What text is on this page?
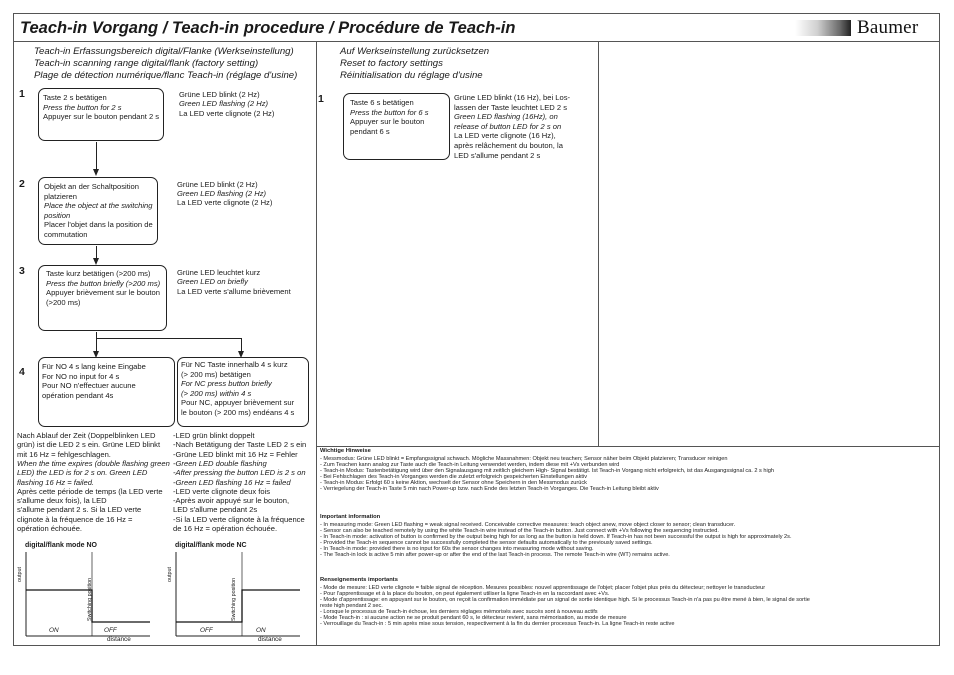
Teach-in Vorgang / Teach-in procedure / Procédure de Teach-in	Baumer
Teach-in Erfassungsbereich digital/Flanke (Werkseinstellung)
Teach-in scanning range digital/flank (factory setting)
Plage de détection numérique/flanc Teach-in (réglage d'usine)
1 Taste 2 s betätigen
Press the button for 2 s
Appuyer sur le bouton pendant 2 s
Grüne LED blinkt (2 Hz)
Green LED flashing (2 Hz)
La LED verte clignote (2 Hz)
2	Objekt an der Schaltposition
platzieren
Place the object at the switching
position
Placer l'objet dans la position de
commutation
Grüne LED blinkt (2 Hz)
Green LED flashing (2 Hz)
La LED verte clignote (2 Hz)
3	Taste kurz betätigen (>200 ms)
Press the button briefly (>200 ms)
Appuyer brièvement sur le bouton
(>200 ms)
Grüne LED leuchtet kurz
Green LED on briefly
La LED verte s'allume brièvement
4 Für NO 4 s lang keine Eingabe
For NO no input for 4 s
Pour NO n'effectuer aucune
opération pendant 4s
Für NC Taste innerhalb 4 s kurz
(> 200 ms) betätigen
For NC press button briefly
(> 200 ms) within 4 s
Pour NC, appuyer brièvement sur
le bouton (> 200 ms) endéans 4 s
Nach Ablauf der Zeit (Doppelblinken LED
grün) ist die LED 2 s ein. Grüne LED blinkt
mit 16 Hz = fehlgeschlagen.
When the time expires (double flashing green
LED) the LED is for 2 s on. Green LED
flashing 16 Hz = failed.
Après cette période de temps (la LED verte
s'allume deux fois), la LED
s'allume pendant 2 s. Si la LED verte
clignote à la fréquence de 16 Hz =
opération échouée.
-LED grün blinkt doppelt
-Nach Betätigung der Taste LED 2 s ein
-Grüne LED blinkt mit 16 Hz = Fehler
-Green LED double flashing
-After pressing the button LED is 2 s on
-Green LED flashing 16 Hz = failed
-LED verte clignote deux fois
-Après avoir appuyé sur le bouton,
LED s'allume pendant 2s
-Si la LED verte clignote à la fréquence
de 16 Hz = opération échouée.
digital/flank mode NO	digital/flank mode NC
output
Switching position
ON	OFF
distance
output
Switching position
OFF	ON
distance
Auf Werkseinstellung zurücksetzen
Reset to factory settings
Réinitialisation du réglage d'usine
1	Taste 6 s betätigen
Press the button for 6 s
Appuyer sur le bouton
pendant 6 s
Grüne LED blinkt (16 Hz), bei Los-
lassen der Taste leuchtet LED 2 s
Green LED flashing (16Hz), on
release of button LED for 2 s on
La LED verte clignote (16 Hz),
après relâchement du bouton, la
LED s'allume pendant 2 s
Wichtige Hinweise
- Messmodus: Grüne LED blinkt = Empfangssignal schwach. Mögliche Massnahmen: Objekt neu teachen; Sensor näher beim Objekt platzieren; Transducer reinigen
- Zum Teachen kann analog zur Taste auch die Teach-in Leitung verwendet werden, indem diese mit +Vs verbunden wird
- Teach-in Modus: Tastenbetätigung wird über den Signalausgang mit zeitlich gleichem High- Signal bestätigt. Ist Teach-in Vorgang nicht erfolgreich, ist das Ausgangssignal ca. 2 s high
- Bei Fehlschlagen des Teach-in Vorganges werden die zuletzt erfolgreich gespeicherten Einstellungen aktiv
- Teach-in Modus: Erfolgt 60 s keine Aktion, wechselt der Sensor ohne Speichern in den Messmodus zurück
- Verriegelung der Teach-in Taste 5 min nach Power-up bzw. nach Ende des letzten Teach-in Vorganges. Die Teach-in Leitung bleibt aktiv
Important information
- In measuring mode: Green LED flashing = weak signal received. Conceivable corrective measures: teach object anew, move object closer to sensor; clean transducer.
- Sensor can also be teached remotely by using the white Teach-in wire instead of the Teach-in button. Just connect with +Vs following the sequencing instructed.
- In Teach-in mode: activation of button is confirmed by the output being high for as long as the button is held down. If Teach-in has not been successful the output is high for approximately 2s.
- Provided the Teach-in sequence cannot be successfully completed the sensor defaults automatically to the previously saved settings.
- In Teach-in mode: provided there is no input for 60s the sensor changes into measuring mode without saving.
- The Teach-in lock is active 5 min after power-up or after the end of the last Teach-in process. The remote Teach-in wire (WT) remains active.
Renseignements importants
- Mode de mesure: LED verte clignote = faible signal de réception. Mesures possibles: nouvel apprentissage de l'objet; placer l'objet plus près du détecteur; nettoyer le transducteur
- Pour l'apprentissage et à la place du bouton, on peut également utiliser la ligne Teach-in en la raccordant avec +Vs.
- Mode d'apprentissage: en appuyant sur le bouton, on reçoit la confirmation immédiate par un signal de sortie identique high. Si le processus Teach-in n'a pas pu être mené à bien, le signal de sortie
reste high pendant 2 sec.
- Lorsque le processus de Teach-in échoue, les derniers réglages mémorisés avec succès sont à nouveau actifs
- Mode Teach-in : si aucune action ne se produit pendant 60 s, le détecteur revient, sans mémorisation, au mode de mesure
- Verrouillage du Teach-in : 5 min après mise sous tension, respectivement à la fin du dernier processus Teach-in. La ligne Teach-in reste active
